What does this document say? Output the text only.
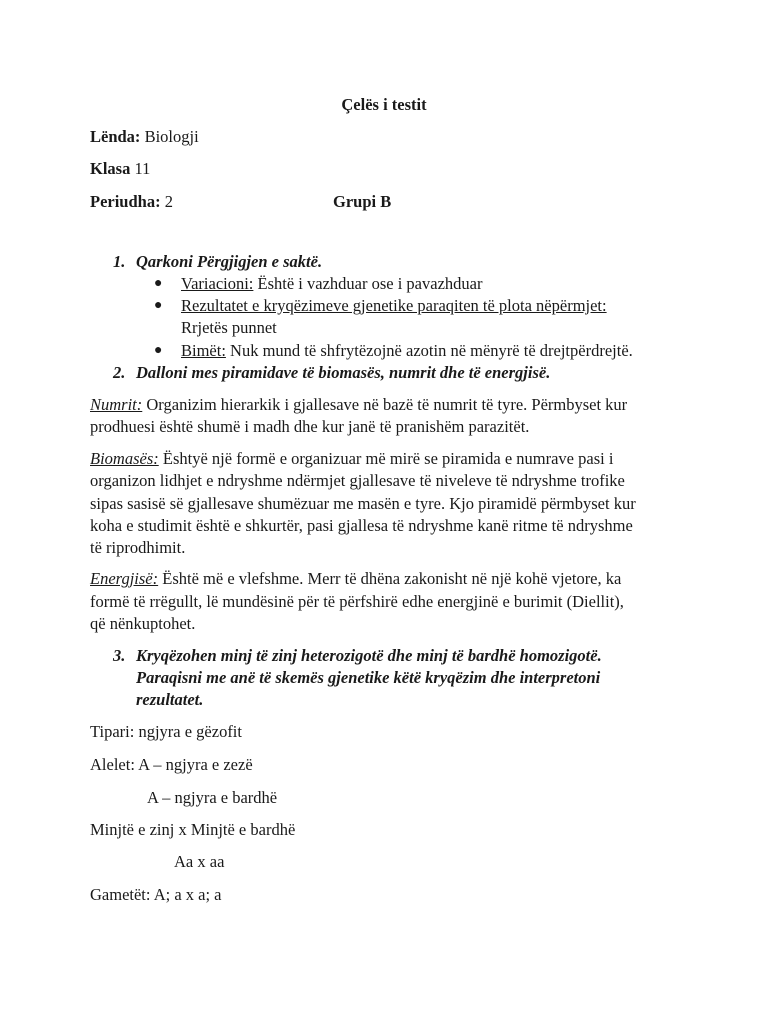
Çelës i testit
Lënda: Biologji
Klasa 11
Periudha: 2	Grupi B
1. Qarkoni Përgjigjen e saktë.
● Variacioni: Është i vazhduar ose i pavazhduar
● Rezultatet e kryqëzimeve gjenetike paraqiten të plota nëpërmjet:
Rrjetës punnet
● Bimët: Nuk mund të shfrytëzojnë azotin në mënyrë të drejtpërdrejtë.
2. Dalloni mes piramidave të biomasës, numrit dhe të energjisë.
Numrit: Organizim hierarkik i gjallesave në bazë të numrit të tyre. Përmbyset kur
prodhuesi është shumë i madh dhe kur janë të pranishëm parazitët.
Biomasës: Ështyë një formë e organizuar më mirë se piramida e numrave pasi i
organizon lidhjet e ndryshme ndërmjet gjallesave të niveleve të ndryshme trofike
sipas sasisë së gjallesave shumëzuar me masën e tyre. Kjo piramidë përmbyset kur
koha e studimit është e shkurtër, pasi gjallesa të ndryshme kanë ritme të ndryshme
të riprodhimit.
Energjisë: Është më e vlefshme. Merr të dhëna zakonisht në një kohë vjetore, ka
formë të rrëgullt, lë mundësinë për të përfshirë edhe energjinë e burimit (Diellit),
që nënkuptohet.
3. Kryqëzohen minj të zinj heterozigotë dhe minj të bardhë homozigotë.
Paraqisni me anë të skemës gjenetike këtë kryqëzim dhe interpretoni
rezultatet.
Tipari: ngjyra e gëzofit
Alelet: A – ngjyra e zezë
A – ngjyra e bardhë
Minjtë e zinj x Minjtë e bardhë
Aa x aa
Gametët: A; a x a; a
